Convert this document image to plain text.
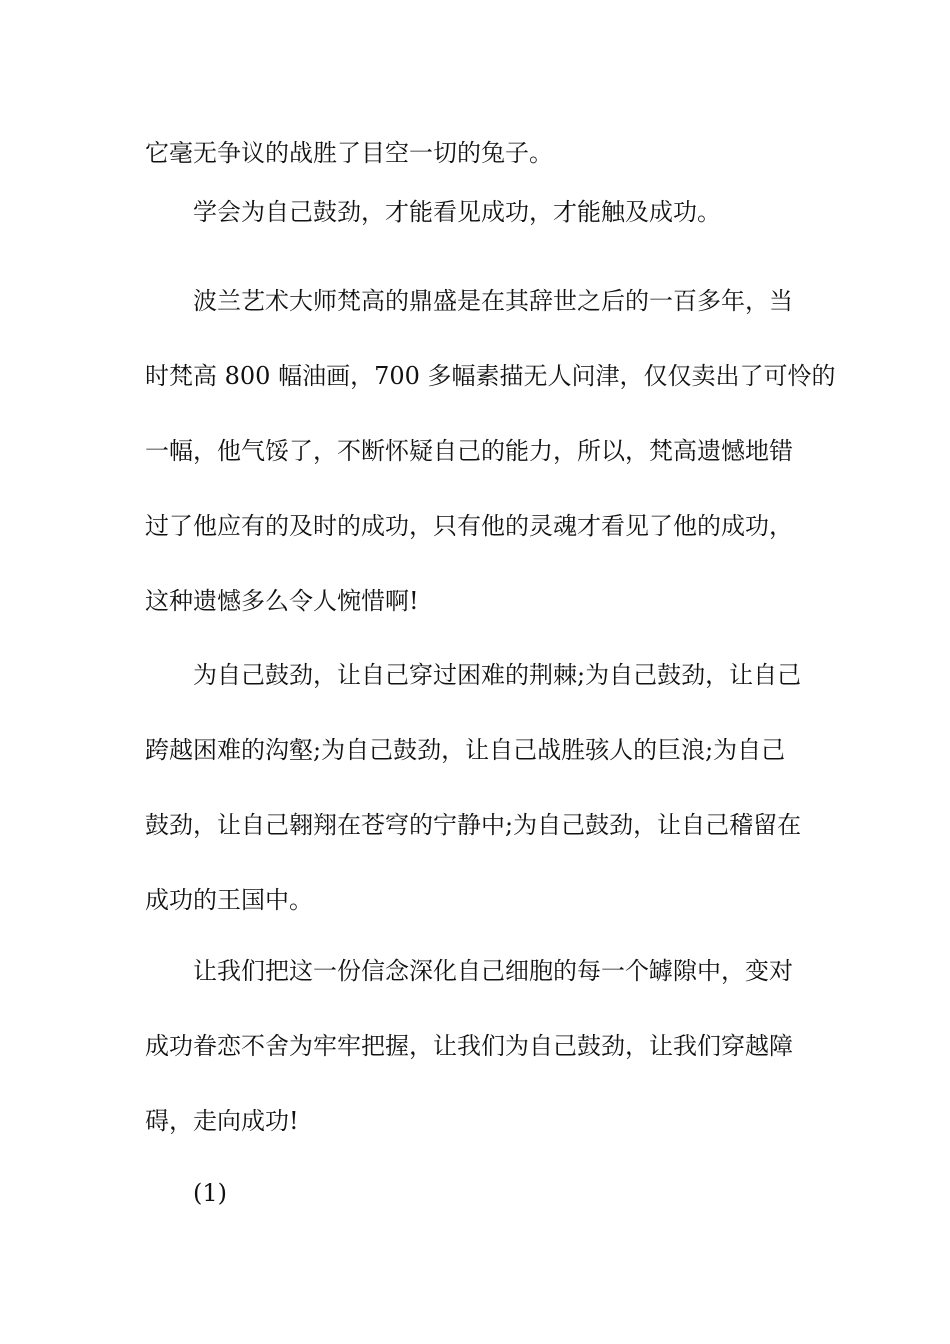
它毫无争议的战胜了目空一切的兔子。

学会为自己鼓劲，才能看见成功，才能触及成功。

波兰艺术大师梵高的鼎盛是在其辞世之后的一百多年，当
时梵高 800 幅油画，700 多幅素描无人问津，仅仅卖出了可怜的
一幅，他气馁了，不断怀疑自己的能力，所以，梵高遗憾地错
过了他应有的及时的成功，只有他的灵魂才看见了他的成功，
这种遗憾多么令人惋惜啊!

为自己鼓劲，让自己穿过困难的荆棘;为自己鼓劲，让自己
跨越困难的沟壑;为自己鼓劲，让自己战胜骇人的巨浪;为自己
鼓劲，让自己翱翔在苍穹的宁静中;为自己鼓劲，让自己稽留在
成功的王国中。

让我们把这一份信念深化自己细胞的每一个罅隙中，变对
成功眷恋不舍为牢牢把握，让我们为自己鼓劲，让我们穿越障
碍，走向成功!

(1)
